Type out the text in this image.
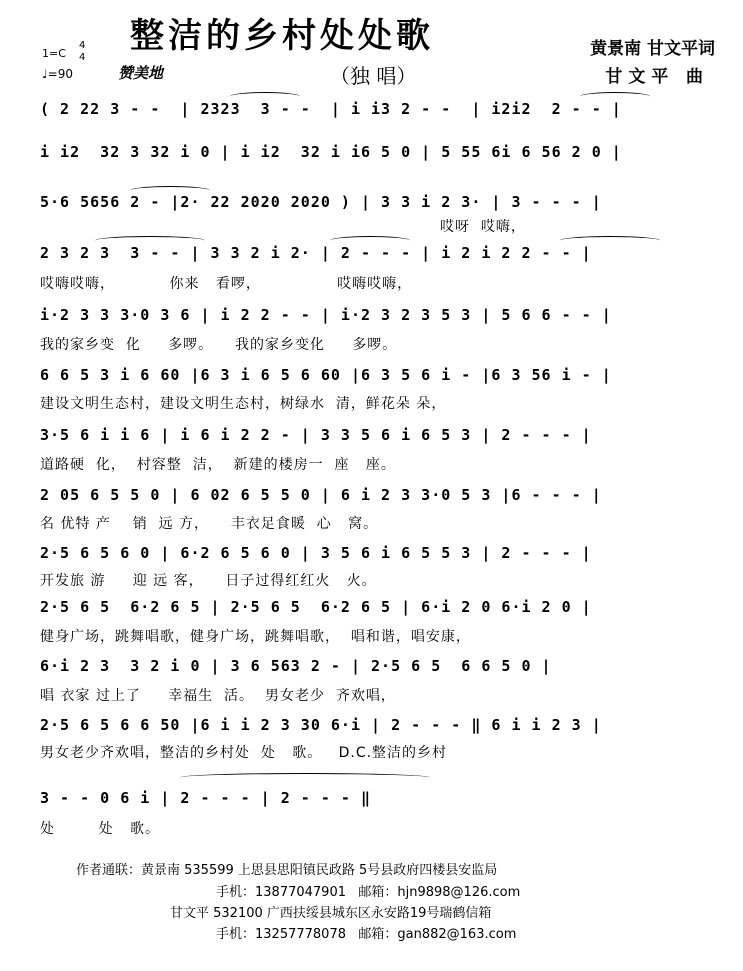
整洁的乡村处处歌	黄景南 甘文平词
甘 文 平   曲
（独 唱）
1=C
4
4
♩=90	赞美地
( 2 22 3 - -  | 2323  3 - -  | i i3 2 - -  | i2i2  2 - - |
i i2  32 3 32 i 0 | i i2  32 i i6 5 0 | 5 55 6i 6 56 2 0 |
5·6 5656 2 - |2· 22 2020 2020 ) | 3 3 i 2 3· | 3 - - - |
哎呀  哎嗨，
2 3 2 3  3 - - | 3 3 2 i 2· | 2 - - - | i 2 i 2 2 - - |
哎嗨哎嗨，          你来   看啰，              哎嗨哎嗨，
i·2 3 3 3·0 3 6 | i 2 2 - - | i·2 3 2 3 5 3 | 5 6 6 - - |
我的家乡变  化     多啰。    我的家乡变化     多啰。
6 6 5 3 i 6 60 |6 3 i 6 5 6 60 |6 3 5 6 i - |6 3 56 i - |
建设文明生态村，建设文明生态村，树绿水  清，鲜花朵 朵，
3·5 6 i i 6 | i 6 i 2 2 - | 3 3 5 6 i 6 5 3 | 2 - - - |
道路硬  化，  村容整  洁，  新建的楼房一  座   座。
2 05 6 5 5 0 | 6 02 6 5 5 0 | 6 i 2 3 3·0 5 3 |6 - - - |
名 优特 产    销  远 方，    丰衣足食暖  心   窝。
2·5 6 5 6 0 | 6·2 6 5 6 0 | 3 5 6 i 6 5 5 3 | 2 - - - |
开发旅 游     迎 远 客，    日子过得红红火   火。
2·5 6 5  6·2 6 5 | 2·5 6 5  6·2 6 5 | 6·i 2 0 6·i 2 0 |
健身广场，跳舞唱歌，健身广场，跳舞唱歌，  唱和谐，唱安康，
6·i 2 3  3 2 i 0 | 3 6 563 2 - | 2·5 6 5  6 6 5 0 |
唱 衣家 过上了     幸福生  活。  男女老少  齐欢唱，
2·5 6 5 6 6 50 |6 i i 2 3 30 6·i | 2 - - - ‖ 6 i i 2 3 |
男女老少齐欢唱，整洁的乡村处  处   歌。   D.C.整洁的乡村
3 - - 0 6 i | 2 - - - | 2 - - - ‖
处        处   歌。
作者通联：黄景南 535599 上思县思阳镇民政路 5号县政府四楼县安监局
手机：13877047901   邮箱：hjn9898@126.com
甘文平 532100 广西扶绥县城东区永安路19号瑞鹤信箱
手机：13257778078   邮箱：gan882@163.com
